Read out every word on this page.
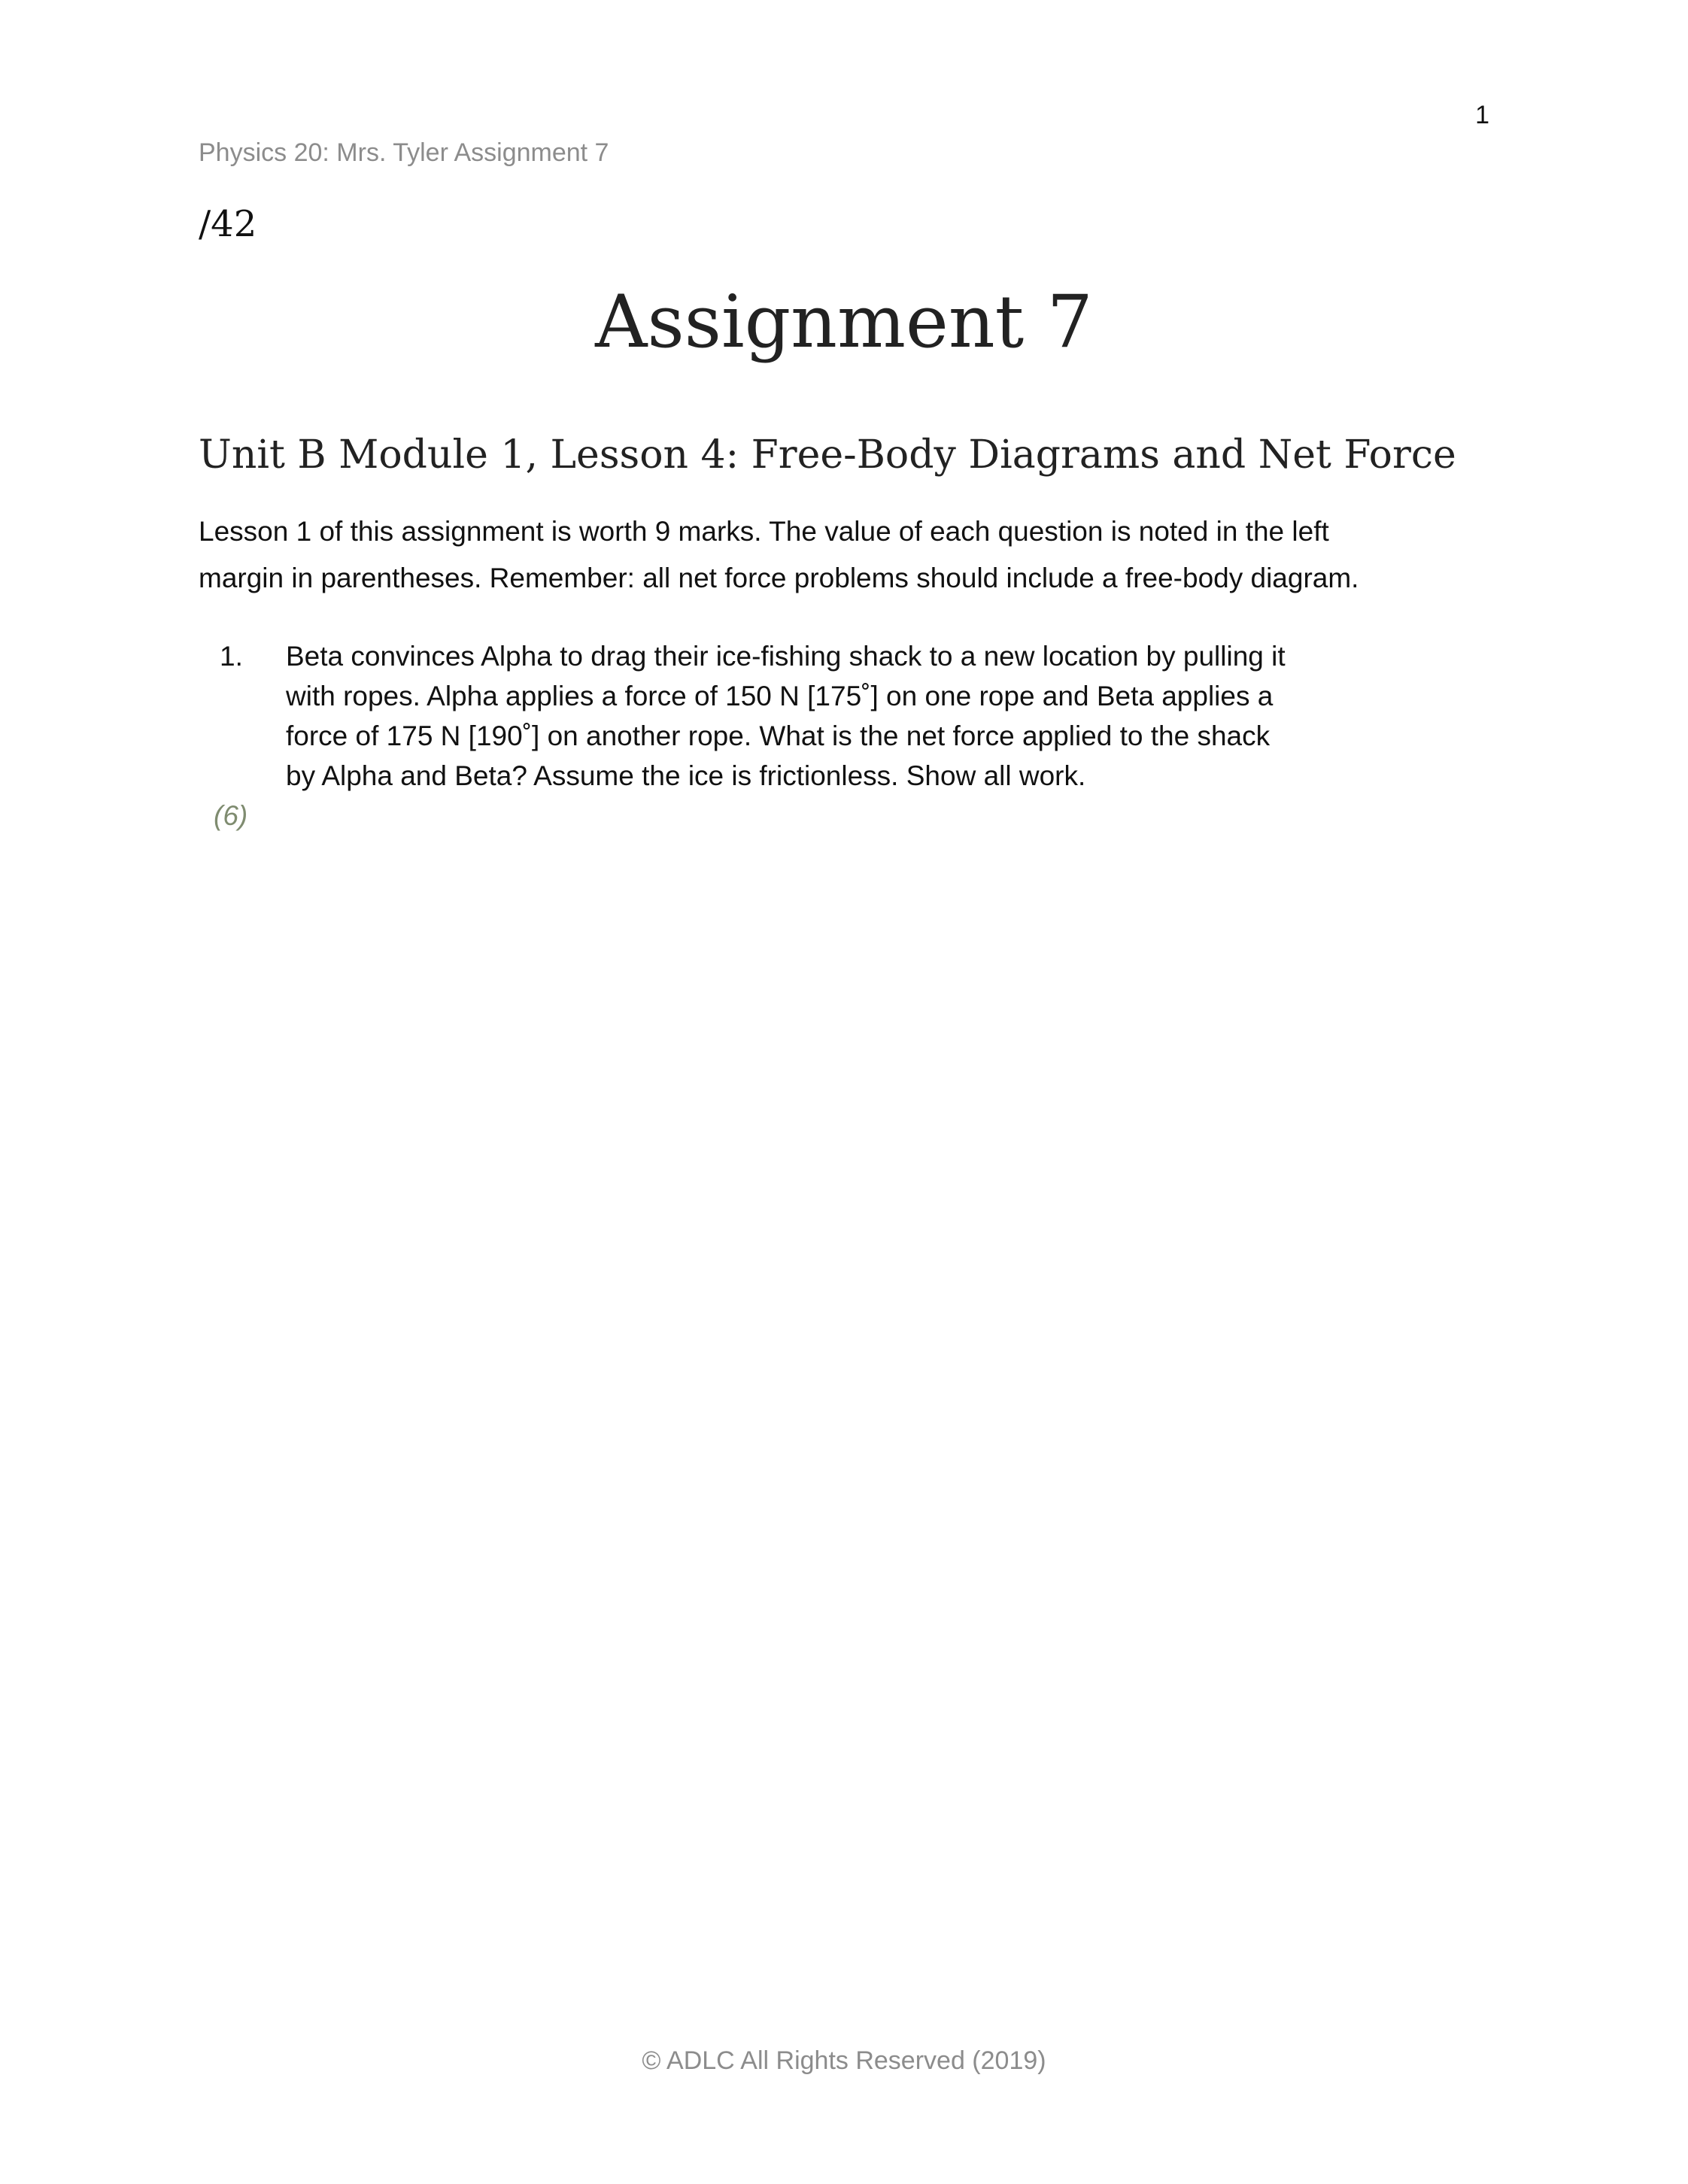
1
Physics 20: Mrs. Tyler Assignment 7
/42
Assignment 7
Unit B Module 1, Lesson 4: Free-Body Diagrams and Net Force
Lesson 1 of this assignment is worth 9 marks. The value of each question is noted in the left
margin in parentheses. Remember: all net force problems should include a free-body diagram.
1. Beta convinces Alpha to drag their ice-fishing shack to a new location by pulling it
with ropes. Alpha applies a force of 150 N [175˚] on one rope and Beta applies a
force of 175 N [190˚] on another rope. What is the net force applied to the shack
by Alpha and Beta? Assume the ice is frictionless. Show all work.
(6)
© ADLC All Rights Reserved (2019)
